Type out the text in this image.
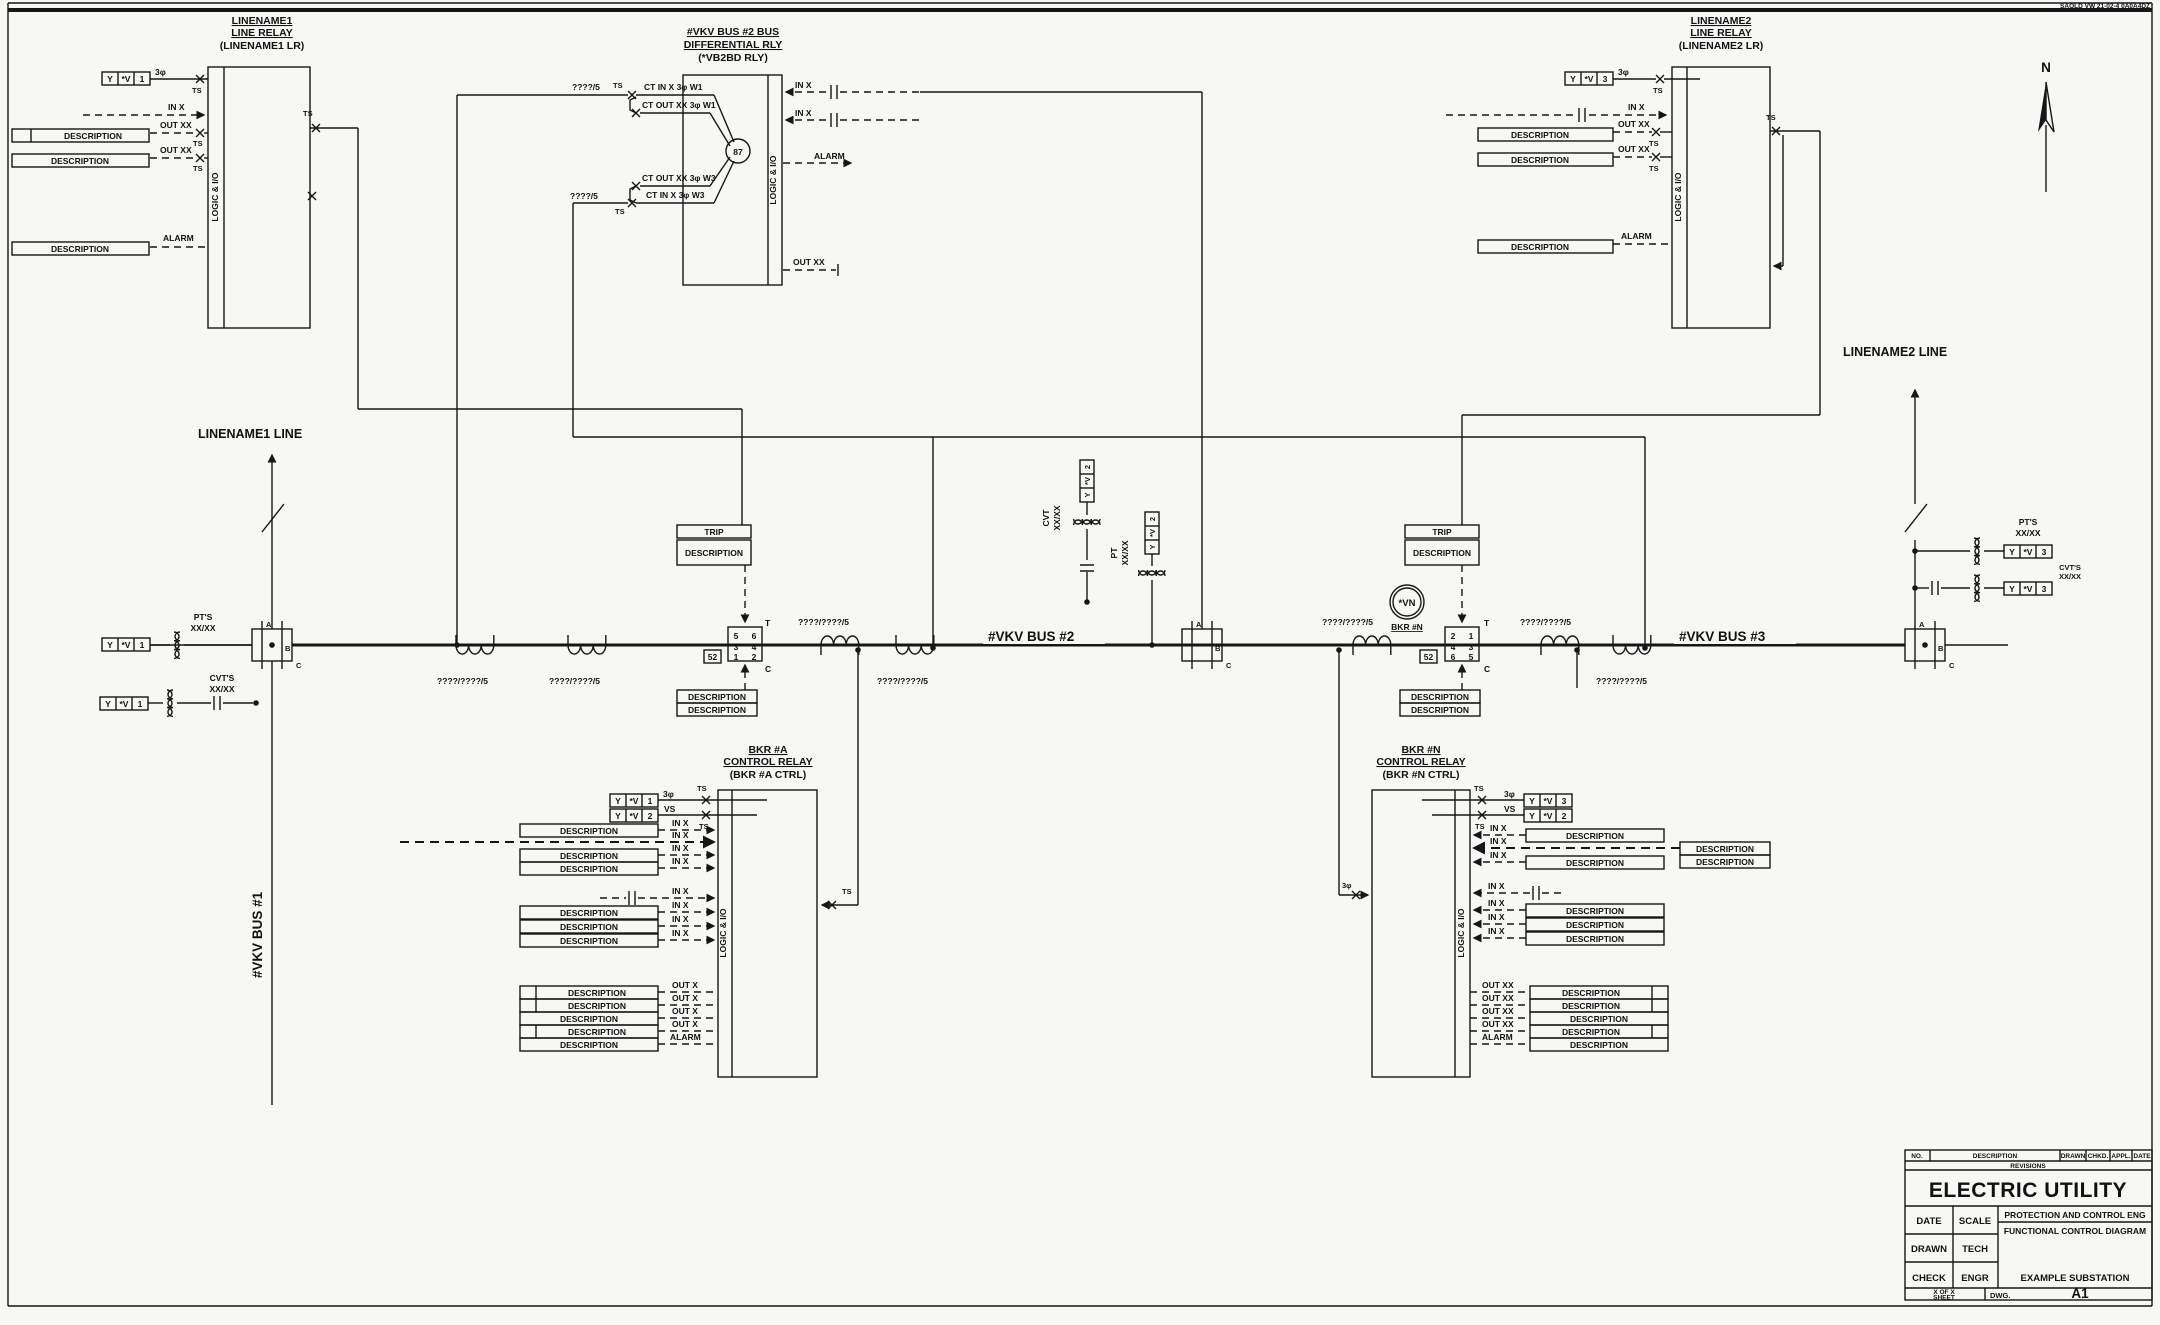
SAOLD VW 21-02-4 0A0A4DZ
N
LINENAME1
LINE RELAY
(LINENAME1 LR)
LOGIC & I/O
Y *V 1
3φ
TS
IN X
DESCRIPTION
OUT XX
TS
DESCRIPTION
OUT XX
TS
DESCRIPTION
ALARM
TS
#VKV BUS #2 BUS
DIFFERENTIAL RLY
(*VB2BD RLY)
LOGIC & I/O
87
????/5 TS	CT IN X 3φ W1
CT OUT XX 3φ W1
CT OUT XX 3φ W3
CT IN X 3φ W3
????/5
TS
IN X
IN X
ALARM
OUT XX
LINENAME2
LINE RELAY
(LINENAME2 LR)
LOGIC & I/O
Y *V 3
3φ
TS
IN X
DESCRIPTION
OUT XX
TS
DESCRIPTION
OUT XX
TS
DESCRIPTION
ALARM
TS
A
B
C
A
B
C
A
B
C
LINENAME1 LINE
#VKV BUS #1
Y *V 1
PT'S
XX/XX
Y *V 1
CVT'S
XX/XX
????/????/5	????/????/5
????/????/5
????/????/5
????/????/5	????/????/5
????/????/5
5 6
3 4
1 2
52
T
C
TRIP
DESCRIPTION
DESCRIPTION
DESCRIPTION
2 1
4 3
6 5
52
T
C
TRIP
DESCRIPTION
DESCRIPTION
DESCRIPTION
*VN
BKR #N
#VKV BUS #2	#VKV BUS #3
2
*V
Y
CVT XX/XX	2
*V
Y
PT XX/XX
LINENAME2 LINE
Y *V 3
PT'S
XX/XX
Y *V 3
CVT'S
XX/XX
BKR #A
CONTROL RELAY
(BKR #A CTRL)
LOGIC & I/O
Y *V 1
3φ
TS
Y *V 2
VS
TS
DESCRIPTION
IN X
IN X
DESCRIPTION
IN X
DESCRIPTION
IN X
IN X
DESCRIPTION
IN X
DESCRIPTION
IN X
DESCRIPTION
IN X
DESCRIPTION
OUT X
DESCRIPTION
OUT X
DESCRIPTION
OUT X
DESCRIPTION
OUT X
DESCRIPTION
ALARM
TS
BKR #N
CONTROL RELAY
(BKR #N CTRL)
LOGIC & I/O
TS
3φ
Y *V 3
TS
VS
Y *V 2
IN X
DESCRIPTION
IN X
DESCRIPTION
DESCRIPTION
IN X
DESCRIPTION
IN X
IN X
DESCRIPTION
IN X
DESCRIPTION
IN X
DESCRIPTION
OUT XX
DESCRIPTION
OUT XX
DESCRIPTION
OUT XX
DESCRIPTION
OUT XX
DESCRIPTION
ALARM
DESCRIPTION
3φ
NO.	DESCRIPTION	DRAWN CHKD. APPL. DATE
REVISIONS
ELECTRIC UTILITY
DATE SCALE
DRAWN TECH
CHECK ENGR
PROTECTION AND CONTROL ENG
FUNCTIONAL CONTROL DIAGRAM
EXAMPLE SUBSTATION
X OF X
SHEET	DWG.	A1
